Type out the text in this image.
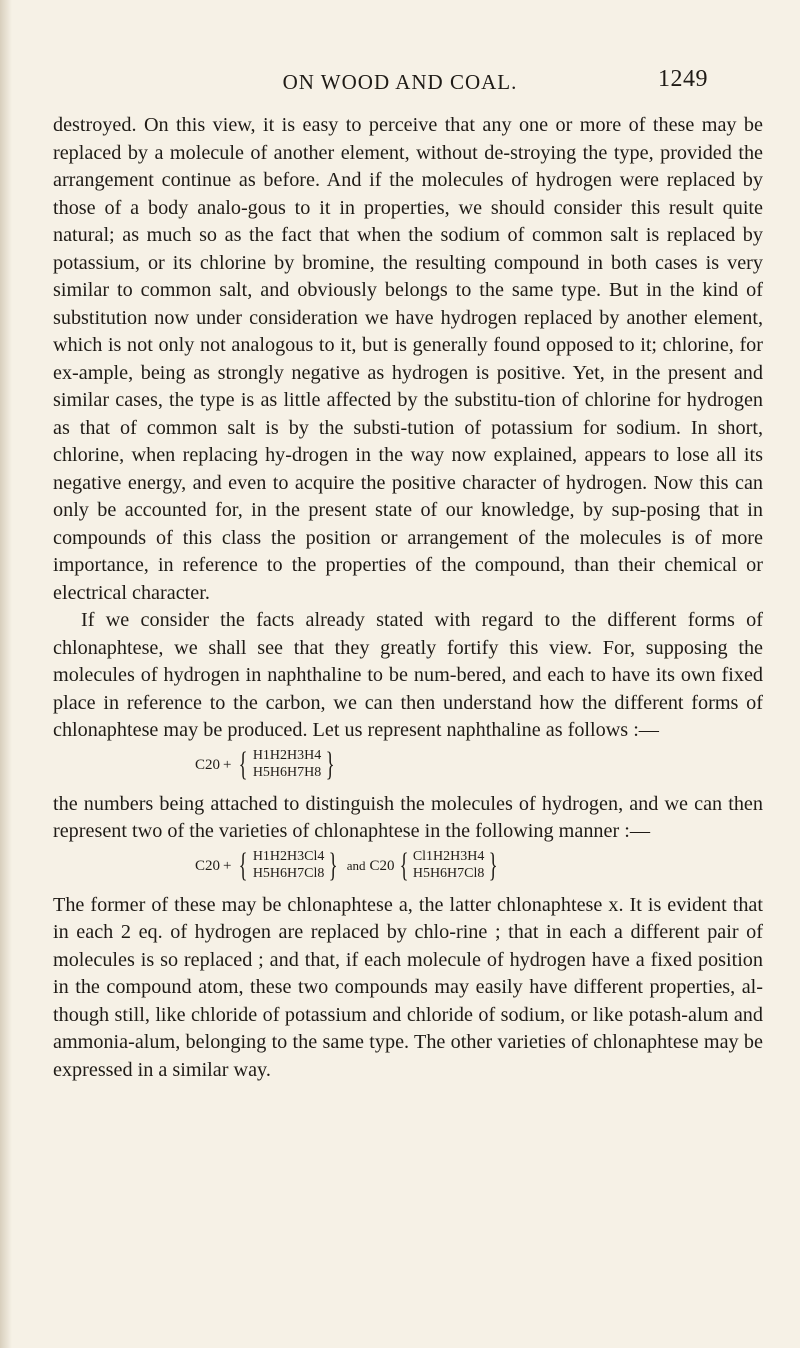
ON WOOD AND COAL.	1249

destroyed. On this view, it is easy to perceive that any one or more of these may be replaced by a molecule of another element, without de-stroying the type, provided the arrangement continue as before. And if the molecules of hydrogen were replaced by those of a body analo-gous to it in properties, we should consider this result quite natural; as much so as the fact that when the sodium of common salt is replaced by potassium, or its chlorine by bromine, the resulting compound in both cases is very similar to common salt, and obviously belongs to the same type. But in the kind of substitution now under consideration we have hydrogen replaced by another element, which is not only not analogous to it, but is generally found opposed to it; chlorine, for ex-ample, being as strongly negative as hydrogen is positive. Yet, in the present and similar cases, the type is as little affected by the substitu-tion of chlorine for hydrogen as that of common salt is by the substi-tution of potassium for sodium. In short, chlorine, when replacing hy-drogen in the way now explained, appears to lose all its negative energy, and even to acquire the positive character of hydrogen. Now this can only be accounted for, in the present state of our knowledge, by sup-posing that in compounds of this class the position or arrangement of the molecules is of more importance, in reference to the properties of the compound, than their chemical or electrical character.

If we consider the facts already stated with regard to the different forms of chlonaphtese, we shall see that they greatly fortify this view. For, supposing the molecules of hydrogen in naphthaline to be num-bered, and each to have its own fixed place in reference to the carbon, we can then understand how the different forms of chlonaphtese may be produced. Let us represent naphthaline as follows :—

C20 + { H1H2H3H4
H5H6H7H8 }

the numbers being attached to distinguish the molecules of hydrogen, and we can then represent two of the varieties of chlonaphtese in the following manner :—

C20 + { H1H2H3Cl4
H5H6H7Cl8 } and C20 { Cl1H2H3H4
H5H6H7Cl8 }

The former of these may be chlonaphtese a, the latter chlonaphtese x. It is evident that in each 2 eq. of hydrogen are replaced by chlo-rine ; that in each a different pair of molecules is so replaced ; and that, if each molecule of hydrogen have a fixed position in the compound atom, these two compounds may easily have different properties, al-though still, like chloride of potassium and chloride of sodium, or like potash-alum and ammonia-alum, belonging to the same type. The other varieties of chlonaphtese may be expressed in a similar way.
